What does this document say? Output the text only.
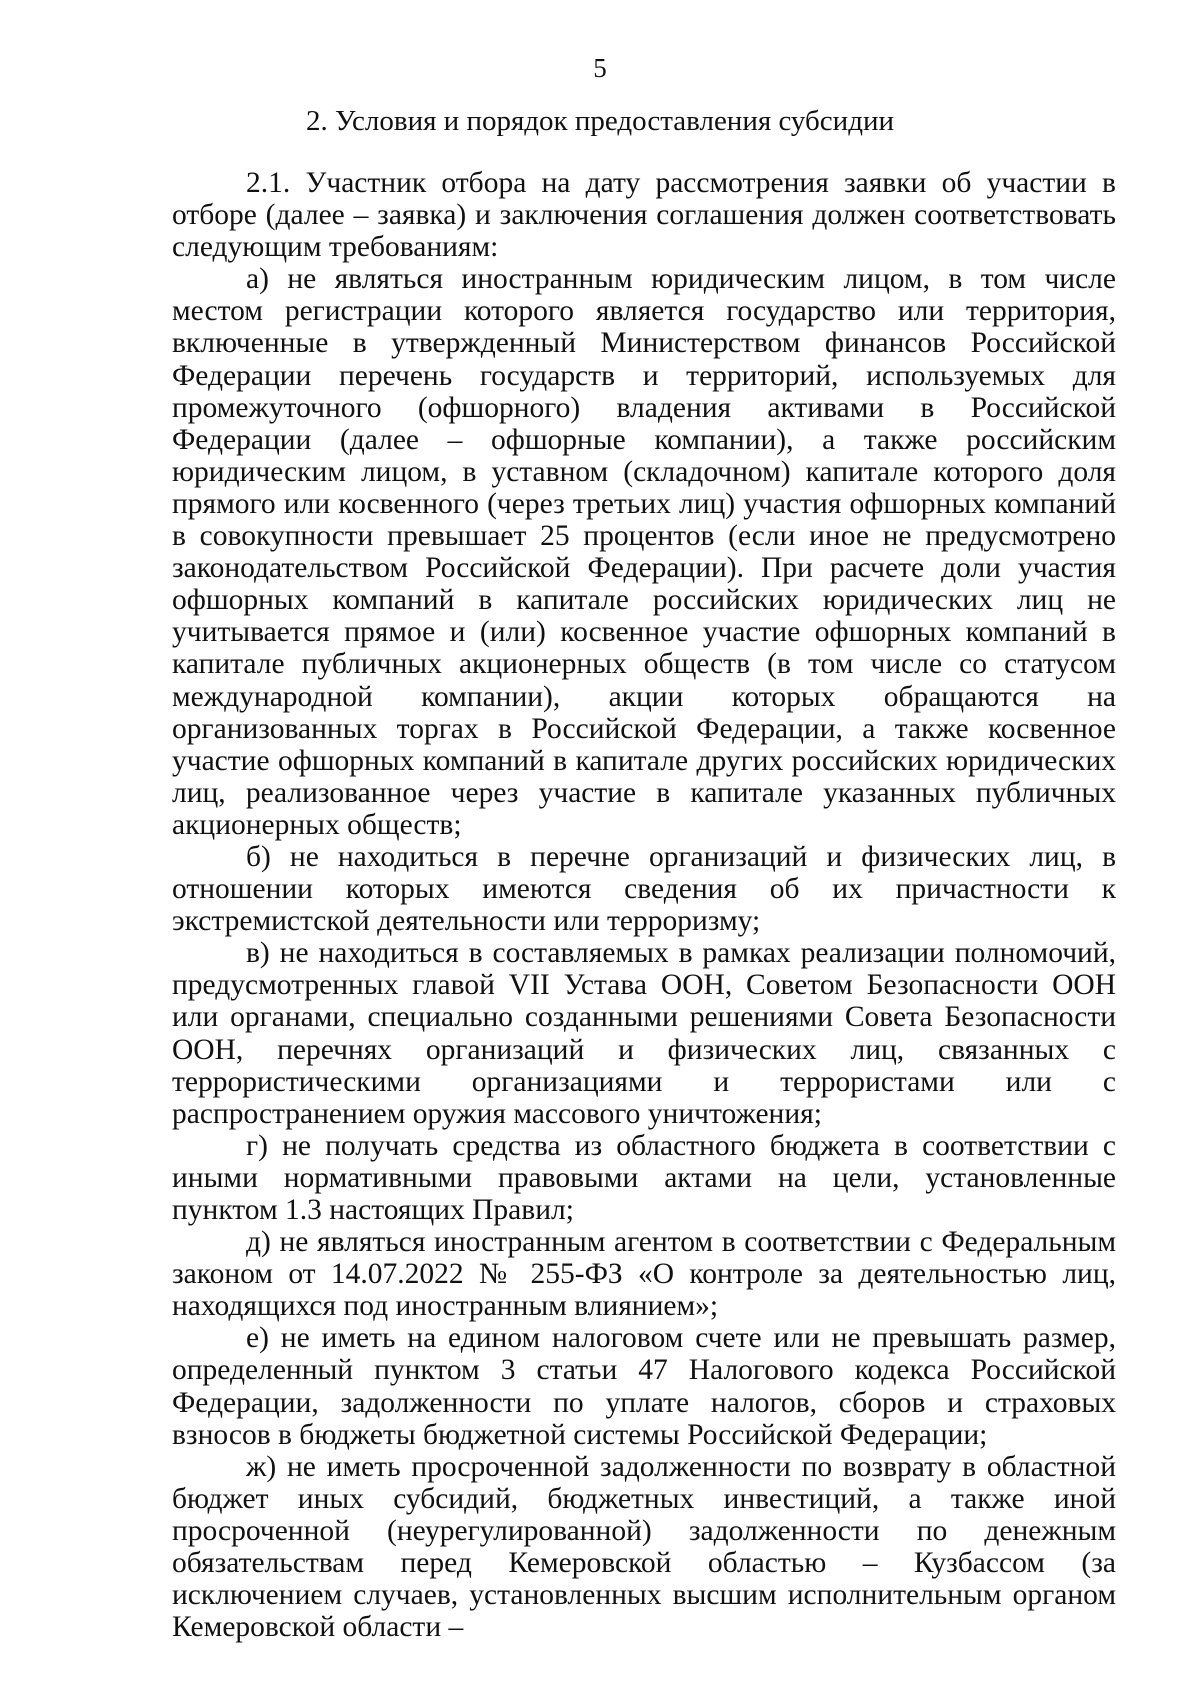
5
2. Условия и порядок предоставления субсидии

2.1. Участник отбора на дату рассмотрения заявки об участии в отборе (далее – заявка) и заключения соглашения должен соответствовать следующим требованиям:

а) не являться иностранным юридическим лицом, в том числе местом регистрации которого является государство или территория, включенные в утвержденный Министерством финансов Российской Федерации перечень государств и территорий, используемых для промежуточного (офшорного) владения активами в Российской Федерации (далее – офшорные компании), а также российским юридическим лицом, в уставном (складочном) капитале которого доля прямого или косвенного (через третьих лиц) участия офшорных компаний в совокупности превышает 25 процентов (если иное не предусмотрено законодательством Российской Федерации). При расчете доли участия офшорных компаний в капитале российских юридических лиц не учитывается прямое и (или) косвенное участие офшорных компаний в капитале публичных акционерных обществ (в том числе со статусом международной компании), акции которых обращаются на организованных торгах в Российской Федерации, а также косвенное участие офшорных компаний в капитале других российских юридических лиц, реализованное через участие в капитале указанных публичных акционерных обществ;

б) не находиться в перечне организаций и физических лиц, в отношении которых имеются сведения об их причастности к экстремистской деятельности или терроризму;

в) не находиться в составляемых в рамках реализации полномочий, предусмотренных главой VII Устава ООН, Советом Безопасности ООН или органами, специально созданными решениями Совета Безопасности ООН, перечнях организаций и физических лиц, связанных с террористическими организациями и террористами или с распространением оружия массового уничтожения;

г) не получать средства из областного бюджета в соответствии с иными нормативными правовыми актами на цели, установленные пунктом 1.3 настоящих Правил;

д) не являться иностранным агентом в соответствии с Федеральным законом от 14.07.2022 № 255-ФЗ «О контроле за деятельностью лиц, находящихся под иностранным влиянием»;

е) не иметь на едином налоговом счете или не превышать размер, определенный пунктом 3 статьи 47 Налогового кодекса Российской Федерации, задолженности по уплате налогов, сборов и страховых взносов в бюджеты бюджетной системы Российской Федерации;

ж) не иметь просроченной задолженности по возврату в областной бюджет иных субсидий, бюджетных инвестиций, а также иной просроченной (неурегулированной) задолженности по денежным обязательствам перед Кемеровской областью – Кузбассом (за исключением случаев, установленных высшим исполнительным органом Кемеровской области –
